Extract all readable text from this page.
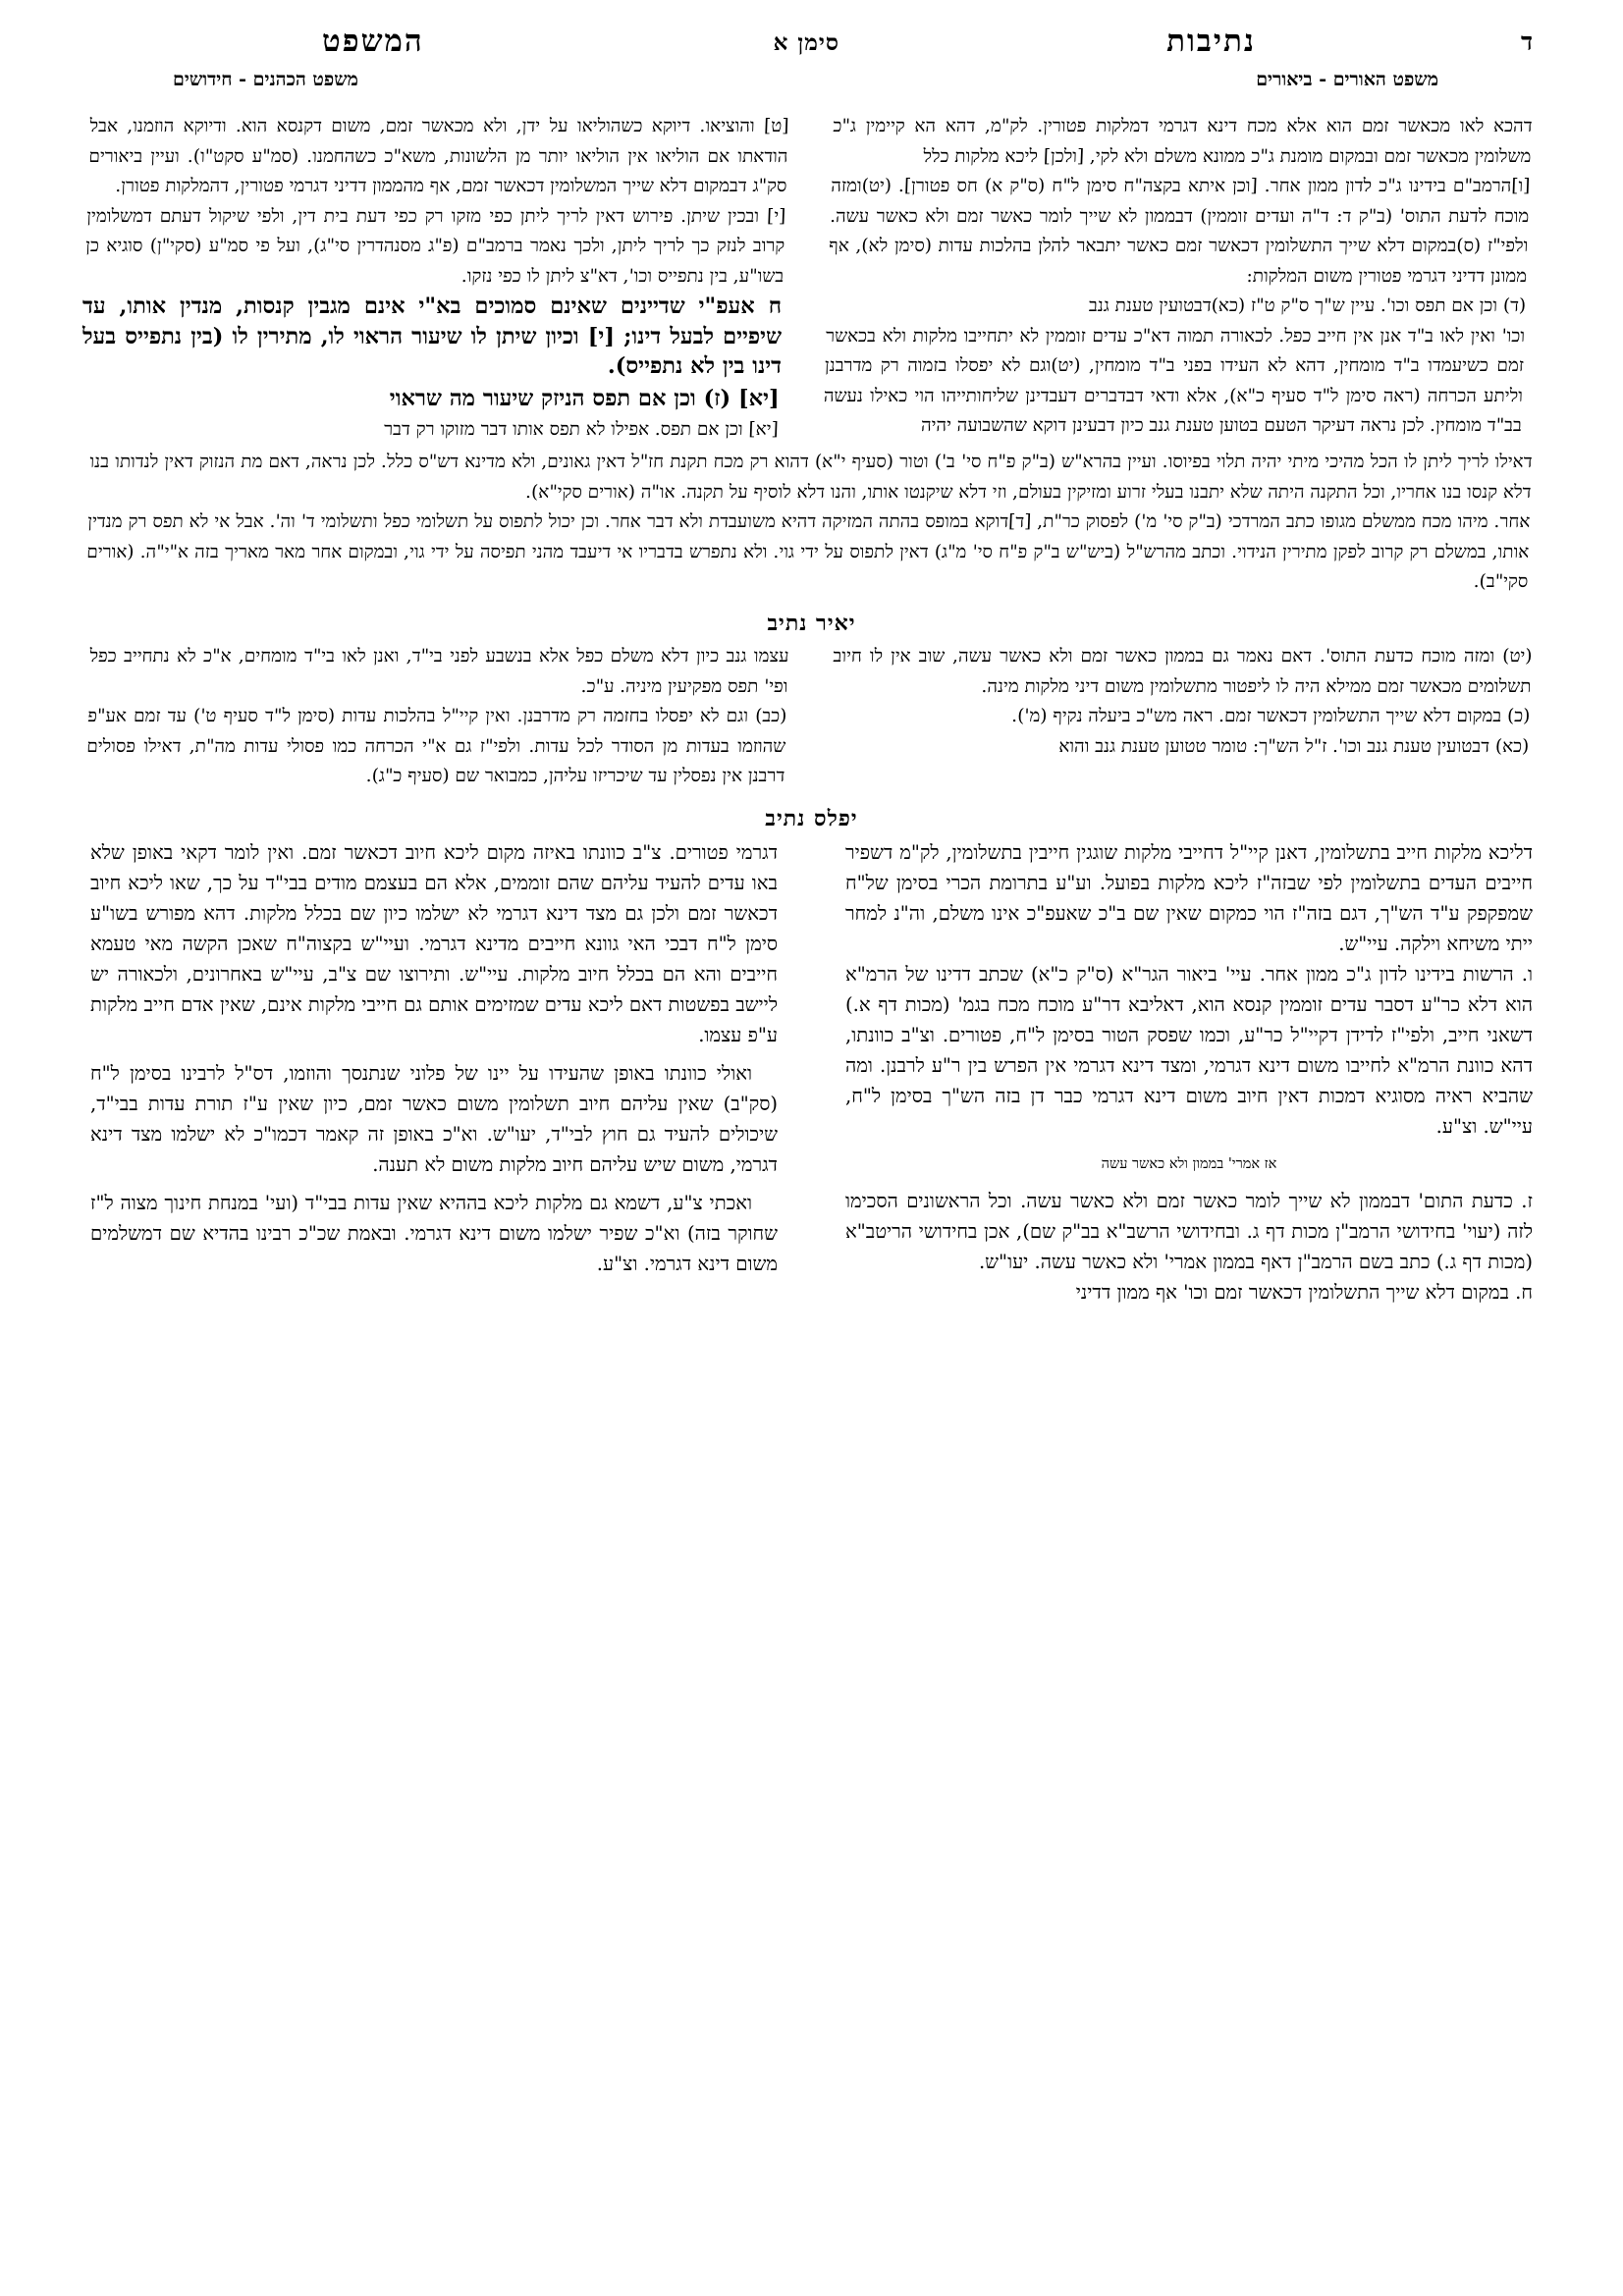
ד
נתיבות
סימן א
המשפט
משפט האורים - ביאורים
משפט הכהנים - חידושים

דהכא לאו מכאשר זמם הוא אלא מכח דינא דגרמי דמלקות פטורין. לק"מ, דהא הא קיימין ג"כ משלומין מכאשר זמם ובמקום מומנת ג"כ ממונא משלם ולא לקי, [ולכן] ליכא מלקות כלל

[ו]הרמב"ם בידינו ג"כ לדון ממון אחר. [וכן איתא בקצה"ח סימן ל"ח (ס"ק א) חס פטורן]. (יט)ומזה מוכח לדעת התוס' (ב"ק ד: ד"ה ועדים זוממין) דבממון לא שייך לומר כאשר זמם ולא כאשר עשה. ולפי"ז (ס)במקום דלא שייך התשלומין דכאשר זמם כאשר יתבאר להלן בהלכות עדות (סימן לא), אף ממונן דדיני דגרמי פטורין משום המלקות:

(ד) וכן אם תפס וכו'. עיין ש"ך ס"ק ט"ז (כא)דבטועין טענת גנב

וכו' ואין לאו ב"ד אנן אין חייב כפל. לכאורה תמוה דא"כ עדים זוממין לא יתחייבו מלקות ולא בכאשר זמם כשיעמדו ב"ד מומחין, דהא לא העידו בפני ב"ד מומחין, (יט)וגם לא יפסלו בזמוה רק מדרבנן וליתע הכרחה (ראה סימן ל"ד סעיף כ"א), אלא ודאי דבדברים דעבדינן שליחותייהו הוי כאילו נעשה בב"ד מומחין. לכן נראה דעיקר הטעם בטוען טענת גנב כיון דבעינן דוקא שהשבועה יהיה

[ט] והוציאו. דיוקא כשהוליאו על ידן, ולא מכאשר זמם, משום דקנסא הוא. ודיוקא הוזמנו, אבל הודאתו אם הוליאו אין הוליאו יותר מן הלשונות, משא"כ כשהחמנו. (סמ"ע סקט"ו). ועיין ביאורים סק"ג דבמקום דלא שייך המשלומין דכאשר זמם, אף מהממון דדיני דגרמי פטורין, דהמלקות פטורן.

[י] ובכין שיתן. פירוש דאין לריך ליתן כפי מזקו רק כפי דעת בית דין, ולפי שיקול דעתם דמשלומין קרוב לנזק כך לריך ליתן, ולכך נאמר ברמב"ם (פ"ג מסנהדרין סי"ג), ועל פי סמ"ע (סקי"ן) סוגיא כן בשו"ע, בין נתפייס וכו', דא"צ ליתן לו כפי נזקו.

ח אעפ"י שדיינים שאינם סמוכים בא"י אינם מגבין קנסות, מנדין אותו, עד שיפיים לבעל דינו; [י] וכיון שיתן לו שיעור הראוי לו, מתירין לו (בין נתפייס בעל דינו בין לא נתפייס).

[יא] (ז) וכן אם תפס הניזק שיעור מה שראוי

[יא] וכן אם תפס. אפילו לא תפס אותו דבר מזוקו רק דבר

דאילו לריך ליתן לו הכל מהיכי מיתי יהיה תלוי בפיוסו. ועיין בהרא"ש (ב"ק פ"ח סי' ב') וטור (סעיף י"א) דהוא רק מכח תקנת חז"ל דאין גאונים, ולא מדינא דש"ס כלל. לכן נראה, דאם מת הנזוק דאין לנדותו בנו דלא קנסו בנו אחריו, וכל התקנה היתה שלא יתבנו בעלי זרוע ומזיקין בעולם, וזי דלא שיקנטו אותו, והנו דלא לוסיף על תקנה. או"ה (אורים סקי"א).

אחר. מיהו מכח ממשלם מגופו כתב המרדכי (ב"ק סי' מ') לפסוק כר"ת, [ד]דוקא במופס בהתה המזיקה דהיא משועבדת ולא דבר אחר. וכן יכול לתפוס על תשלומי כפל ותשלומי ד' וה'. אבל אי לא תפס רק מנדין אותו, במשלם רק קרוב לפקן מתירין הנידוי. וכתב מהרש"ל (ביש"ש ב"ק פ"ח סי' מ"ג) דאין לתפוס על ידי גוי. ולא נתפרש בדבריו אי דיעבד מהני תפיסה על ידי גוי, ובמקום אחר מאר מאריך בזה א"י"ה. (אורים סקי"ב).

יאיר נתיב

(יט) ומזה מוכח כדעת התוס'. דאם נאמר גם בממון כאשר זמם ולא כאשר עשה, שוב אין לו חיוב תשלומים מכאשר זמם ממילא היה לו ליפטור מתשלומין משום דיני מלקות מינה.

(כ) במקום דלא שייך התשלומין דכאשר זמם. ראה מש"כ ביעלה נקיף (מ').

(כא) דבטועין טענת גנב וכו'. ז"ל הש"ך: טומר טטוען טענת גנב והוא

עצמו גנב כיון דלא משלם כפל אלא בנשבע לפני בי"ד, ואנן לאו בי"ד מומחים, א"כ לא נתחייב כפל ופי' תפס מפקיעין מיניה. ע"כ.

(כב) וגם לא יפסלו בחזמה רק מדרבנן. ואין קיי"ל בהלכות עדות (סימן ל"ד סעיף ט') עד זמם אע"פ שהוזמו בעדות מן הסודר לכל עדות. ולפי"ז גם א"י הכרחה כמו פסולי עדות מה"ת, דאילו פסולים דרבנן אין נפסלין עד שיכריזו עליהן, כמבואר שם (סעיף כ"ג).

יפלס נתיב

דליכא מלקות חייב בתשלומין, דאנן קיי"ל דחייבי מלקות שוגגין חייבין בתשלומין, לק"מ דשפיר חייבים העדים בתשלומין לפי שבזה"ז ליכא מלקות בפועל. וע"ע בתרומת הכרי בסימן של"ח שמפקפק ע"ד הש"ך, דגם בזה"ז הוי כמקום שאין שם ב"כ שאעפ"כ אינו משלם, וה"נ למחר ייתי משיחא וילקה. עיי"ש.

ו. הרשות בידינו לדון ג"כ ממון אחר. עיי' ביאור הגר"א (ס"ק כ"א) שכתב דדינו של הרמ"א הוא דלא כר"ע דסבר עדים זוממין קנסא הוא, דאליבא דר"ע מוכח מכח בגמ' (מכות דף א.) דשאני חייב, ולפי"ז לדידן דקיי"ל כר"ע, וכמו שפסק הטור בסימן ל"ח, פטורים. וצ"ב כוונתו, דהא כוונת הרמ"א לחייבו משום דינא דגרמי, ומצד דינא דגרמי אין הפרש בין ר"ע לרבנן. ומה שהביא ראיה מסוגיא דמכות דאין חיוב משום דינא דגרמי כבר דן בזה הש"ך בסימן ל"ח, עיי"ש. וצ"ע.

אז אמרי' בממון ולא כאשר עשה

ז. כדעת התום' דבממון לא שייך לומר כאשר זמם ולא כאשר עשה. וכל הראשונים הסכימו לזה (יעוי' בחידושי הרמב"ן מכות דף ג. ובחידושי הרשב"א בב"ק שם), אכן בחידושי הריטב"א (מכות דף ג.) כתב בשם הרמב"ן דאף בממון אמרי' ולא כאשר עשה. יעו"ש.

ח. במקום דלא שייך התשלומין דכאשר זמם וכו' אף ממון דדיני

דגרמי פטורים. צ"ב כוונתו באיזה מקום ליכא חיוב דכאשר זמם. ואין לומר דקאי באופן שלא באו עדים להעיד עליהם שהם זוממים, אלא הם בעצמם מודים בבי"ד על כך, שאו ליכא חיוב דכאשר זמם ולכן גם מצד דינא דגרמי לא ישלמו כיון שם בכלל מלקות. דהא מפורש בשו"ע סימן ל"ח דבכי האי גוונא חייבים מדינא דגרמי. ועיי"ש בקצוה"ח שאכן הקשה מאי טעמא חייבים והא הם בכלל חיוב מלקות. עיי"ש. ותירוצו שם צ"ב, עיי"ש באחרונים, ולכאורה יש ליישב בפשטות דאם ליכא עדים שמזימים אותם גם חייבי מלקות אינם, שאין אדם חייב מלקות ע"פ עצמו.

ואולי כוונתו באופן שהעידו על יינו של פלוני שנתנסך והוזמו, דס"ל לרבינו בסימן ל"ח (סק"ב) שאין עליהם חיוב תשלומין משום כאשר זמם, כיון שאין ע"ז תורת עדות בבי"ד, שיכולים להעיד גם חוץ לבי"ד, יעו"ש. וא"כ באופן זה קאמר דכמו"כ לא ישלמו מצד דינא דגרמי, משום שיש עליהם חיוב מלקות משום לא תענה.

ואכתי צ"ע, דשמא גם מלקות ליכא בההיא שאין עדות בבי"ד (ועי' במנחת חינוך מצוה ל"ז שחוקר בזה) וא"כ שפיר ישלמו משום דינא דגרמי. ובאמת שכ"כ רבינו בהדיא שם דמשלמים משום דינא דגרמי. וצ"ע.
